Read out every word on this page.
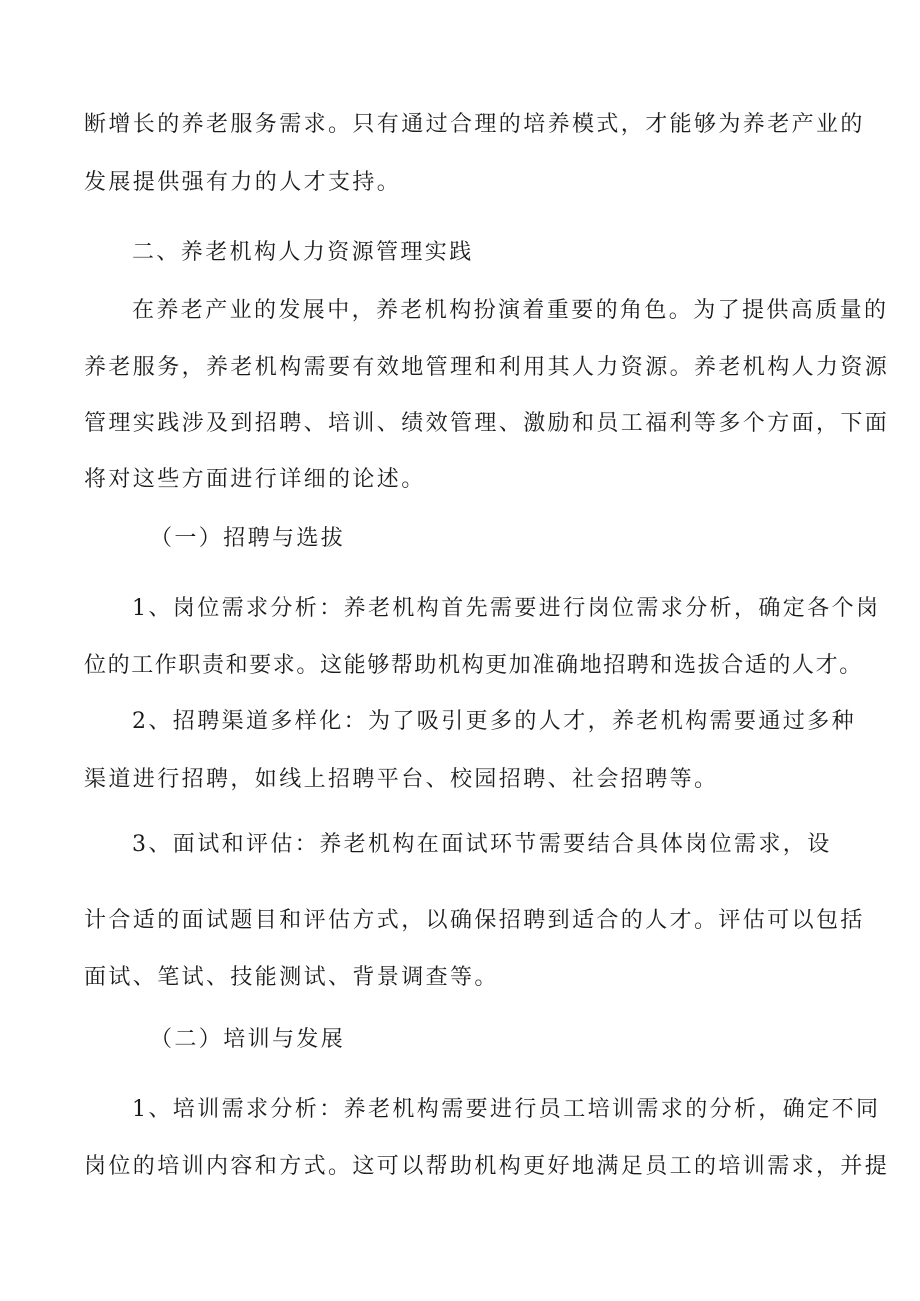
断增长的养老服务需求。只有通过合理的培养模式，才能够为养老产业的
发展提供强有力的人才支持。
二、养老机构人力资源管理实践
在养老产业的发展中，养老机构扮演着重要的角色。为了提供高质量的
养老服务，养老机构需要有效地管理和利用其人力资源。养老机构人力资源
管理实践涉及到招聘、培训、绩效管理、激励和员工福利等多个方面，下面
将对这些方面进行详细的论述。
（一）招聘与选拔
1、岗位需求分析：养老机构首先需要进行岗位需求分析，确定各个岗
位的工作职责和要求。这能够帮助机构更加准确地招聘和选拔合适的人才。
2、招聘渠道多样化：为了吸引更多的人才，养老机构需要通过多种
渠道进行招聘，如线上招聘平台、校园招聘、社会招聘等。
3、面试和评估：养老机构在面试环节需要结合具体岗位需求，设
计合适的面试题目和评估方式，以确保招聘到适合的人才。评估可以包括
面试、笔试、技能测试、背景调查等。
（二）培训与发展
1、培训需求分析：养老机构需要进行员工培训需求的分析，确定不同
岗位的培训内容和方式。这可以帮助机构更好地满足员工的培训需求，并提
